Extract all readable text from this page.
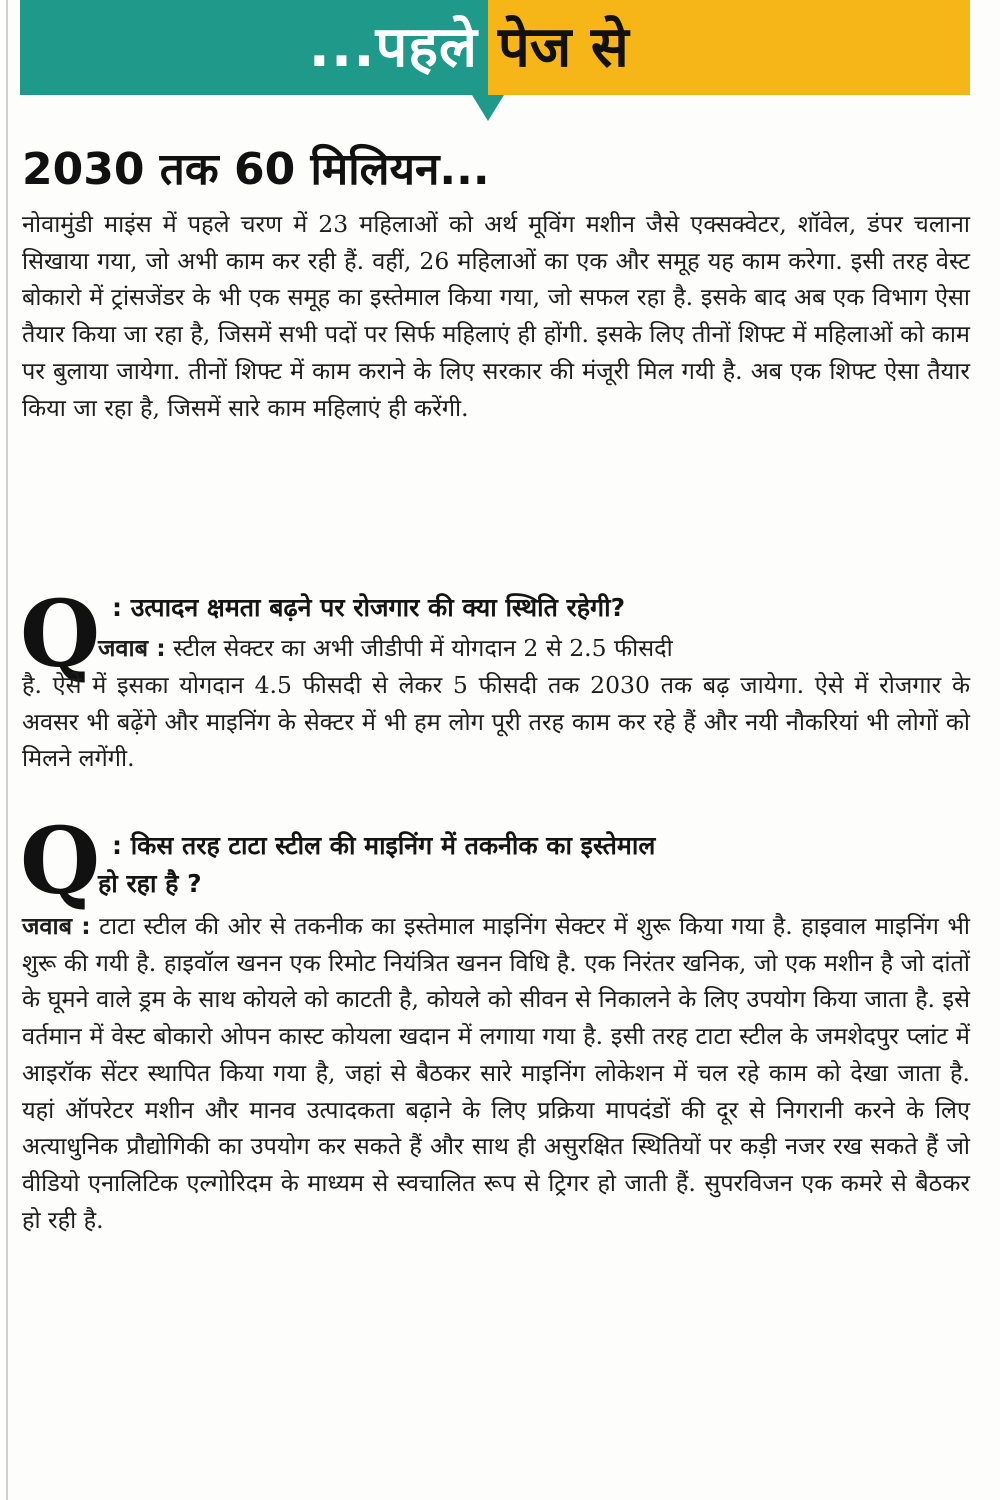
...पहले पेज से
2030 तक 60 मिलियन...
नोवामुंडी माइंस में पहले चरण में 23 महिलाओं को अर्थ मूविंग मशीन जैसे एक्सक्वेटर, शॉवेल, डंपर चलाना सिखाया गया, जो अभी काम कर रही हैं. वहीं, 26 महिलाओं का एक और समूह यह काम करेगा. इसी तरह वेस्ट बोकारो में ट्रांसजेंडर के भी एक समूह का इस्तेमाल किया गया, जो सफल रहा है. इसके बाद अब एक विभाग ऐसा तैयार किया जा रहा है, जिसमें सभी पदों पर सिर्फ महिलाएं ही होंगी. इसके लिए तीनों शिफ्ट में महिलाओं को काम पर बुलाया जायेगा. तीनों शिफ्ट में काम कराने के लिए सरकार की मंजूरी मिल गयी है. अब एक शिफ्ट ऐसा तैयार किया जा रहा है, जिसमें सारे काम महिलाएं ही करेंगी.
Q : उत्पादन क्षमता बढ़ने पर रोजगार की क्या स्थिति रहेगी?
जवाब : स्टील सेक्टर का अभी जीडीपी में योगदान 2 से 2.5 फीसदी
है. ऐसे में इसका योगदान 4.5 फीसदी से लेकर 5 फीसदी तक 2030 तक बढ़ जायेगा. ऐसे में रोजगार के अवसर भी बढ़ेंगे और माइनिंग के सेक्टर में भी हम लोग पूरी तरह काम कर रहे हैं और नयी नौकरियां भी लोगों को मिलने लगेंगी.
Q : किस तरह टाटा स्टील की माइनिंग में तकनीक का इस्तेमाल
हो रहा है ?
जवाब : टाटा स्टील की ओर से तकनीक का इस्तेमाल माइनिंग सेक्टर में शुरू किया गया है. हाइवाल माइनिंग भी शुरू की गयी है. हाइवॉल खनन एक रिमोट नियंत्रित खनन विधि है. एक निरंतर खनिक, जो एक मशीन है जो दांतों के घूमने वाले ड्रम के साथ कोयले को काटती है, कोयले को सीवन से निकालने के लिए उपयोग किया जाता है. इसे वर्तमान में वेस्ट बोकारो ओपन कास्ट कोयला खदान में लगाया गया है. इसी तरह टाटा स्टील के जमशेदपुर प्लांट में आइरॉक सेंटर स्थापित किया गया है, जहां से बैठकर सारे माइनिंग लोकेशन में चल रहे काम को देखा जाता है. यहां ऑपरेटर मशीन और मानव उत्पादकता बढ़ाने के लिए प्रक्रिया मापदंडों की दूर से निगरानी करने के लिए अत्याधुनिक प्रौद्योगिकी का उपयोग कर सकते हैं और साथ ही असुरक्षित स्थितियों पर कड़ी नजर रख सकते हैं जो वीडियो एनालिटिक एल्गोरिदम के माध्यम से स्वचालित रूप से ट्रिगर हो जाती हैं. सुपरविजन एक कमरे से बैठकर हो रही है.
